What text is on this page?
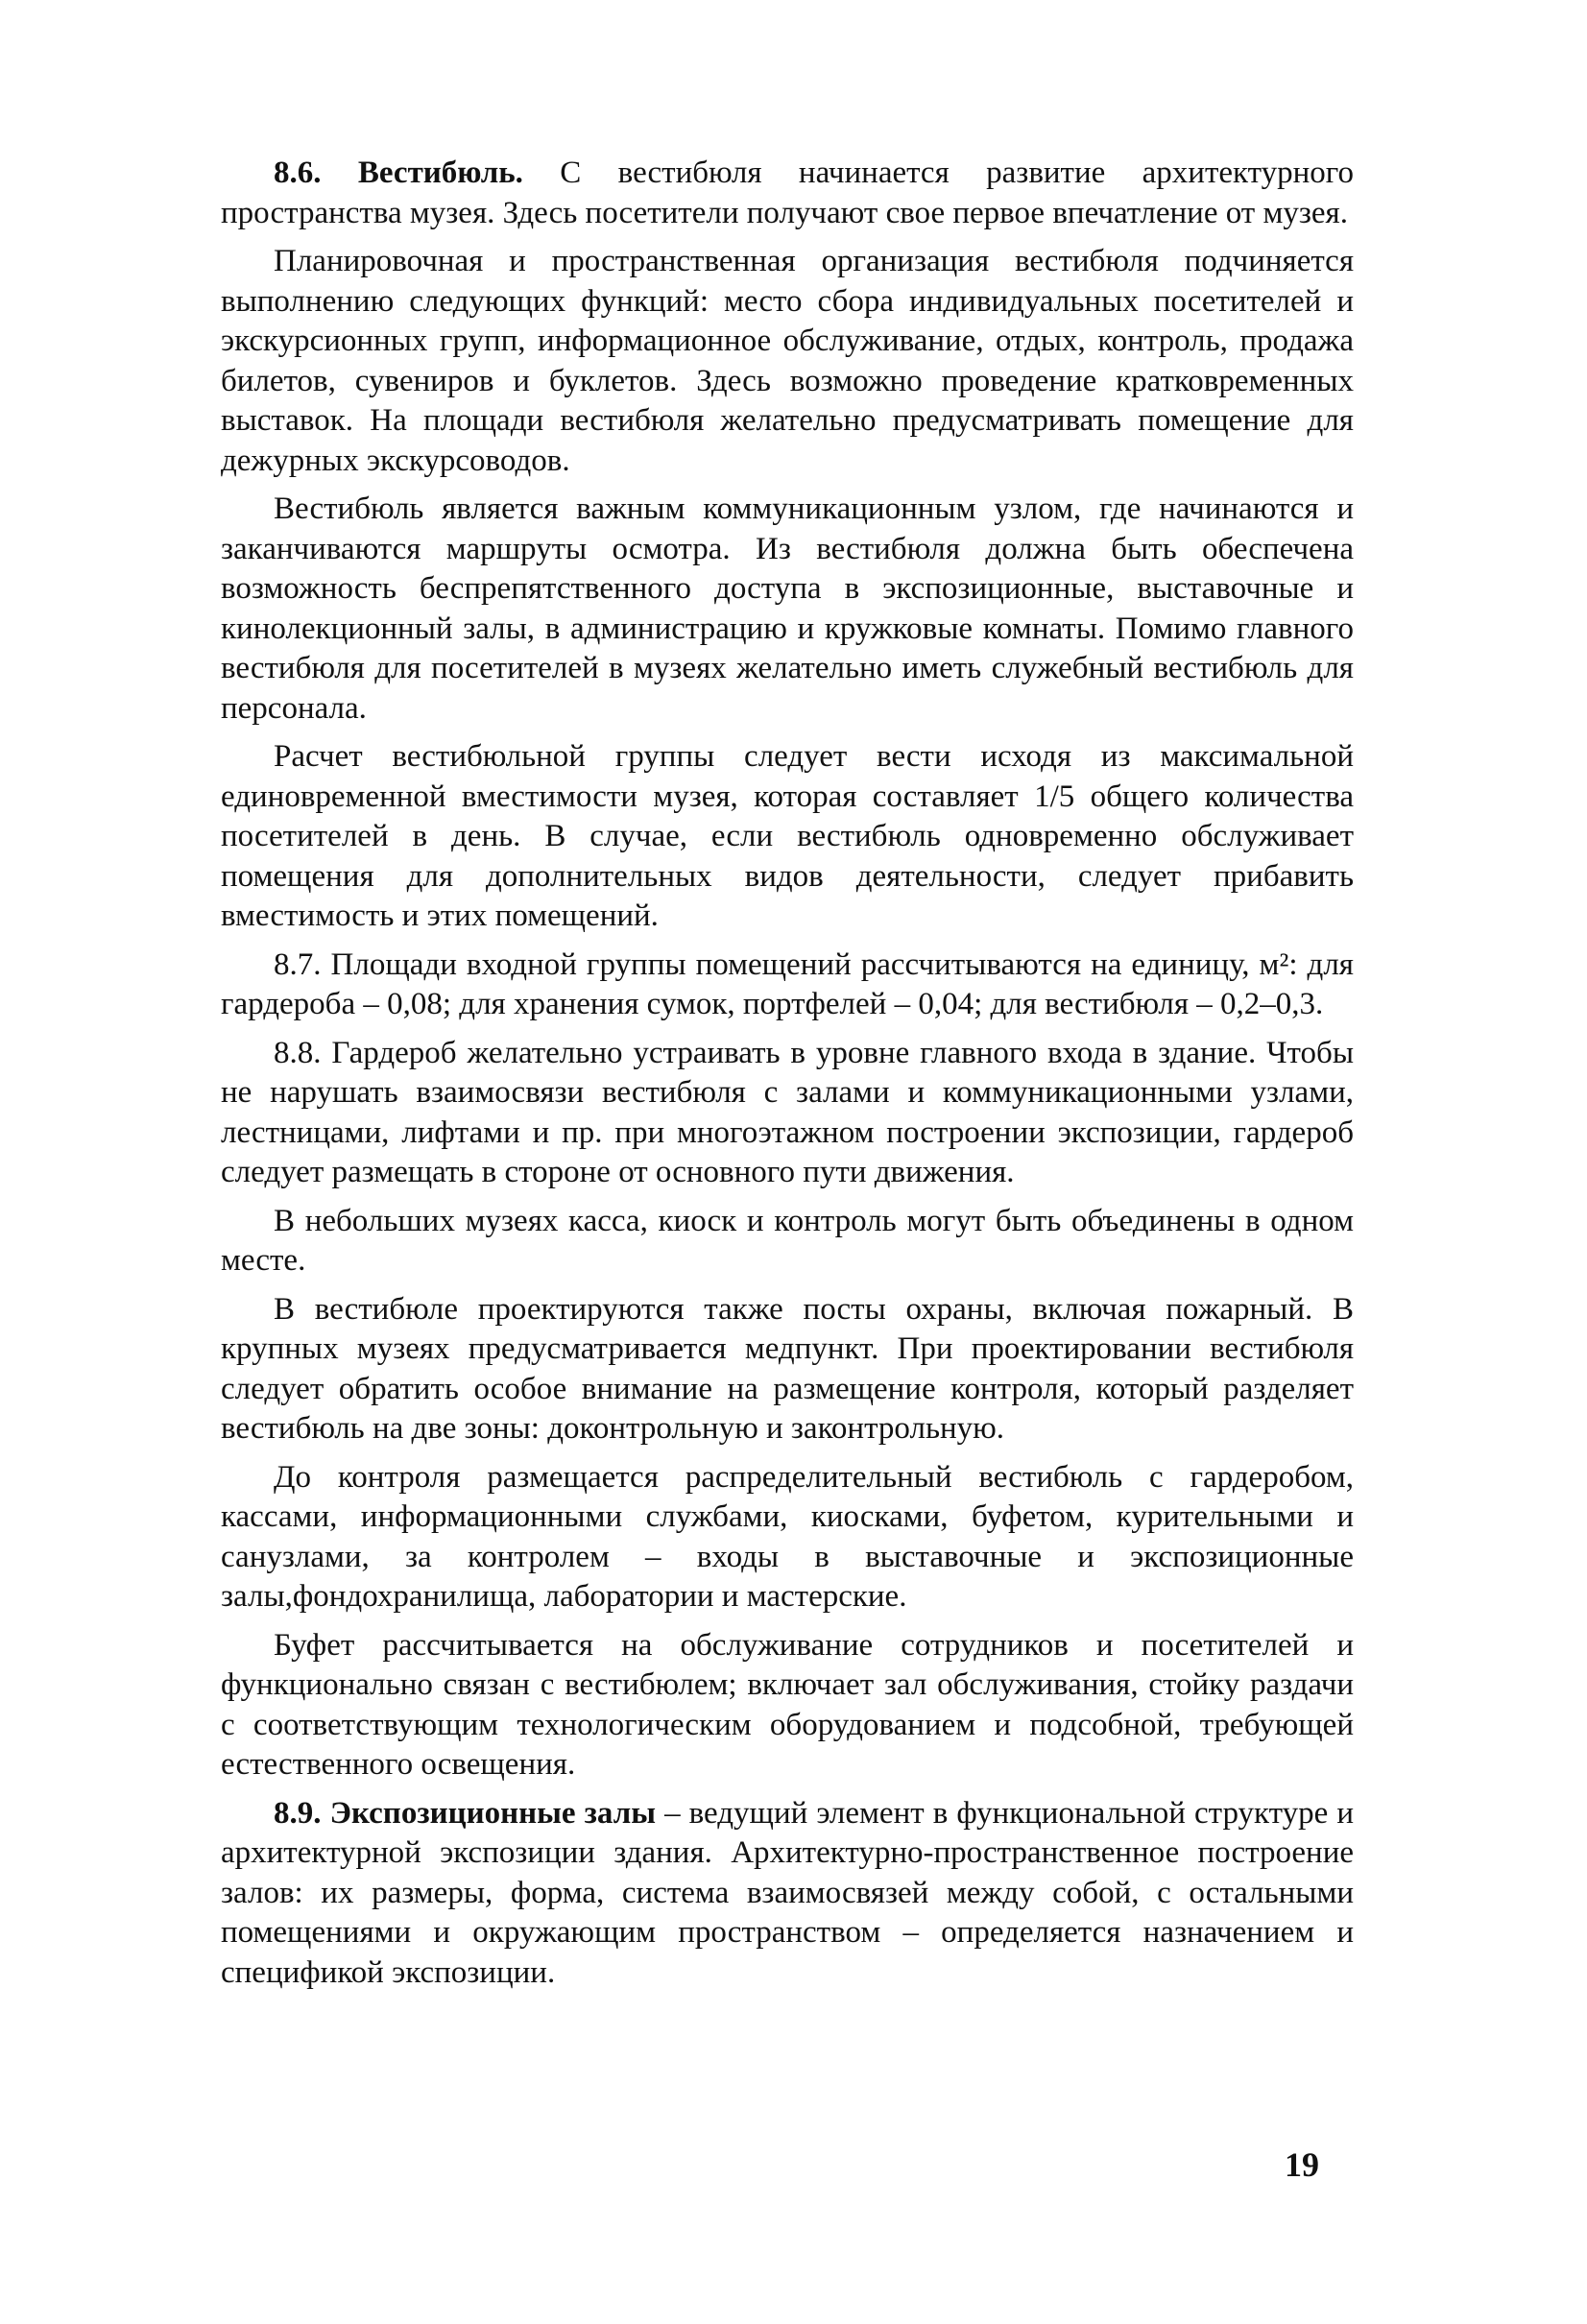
8.6. Вестибюль. С вестибюля начинается развитие архитектурного пространства музея. Здесь посетители получают свое первое впечатление от музея.

Планировочная и пространственная организация вестибюля подчиняется выполнению следующих функций: место сбора индивидуальных посетителей и экскурсионных групп, информационное обслуживание, отдых, контроль, продажа билетов, сувениров и буклетов. Здесь возможно проведение кратковременных выставок. На площади вестибюля желательно предусматривать помещение для дежурных экскурсоводов.

Вестибюль является важным коммуникационным узлом, где начинаются и заканчиваются маршруты осмотра. Из вестибюля должна быть обеспечена возможность беспрепятственного доступа в экспозиционные, выставочные и кинолекционный залы, в администрацию и кружковые комнаты. Помимо главного вестибюля для посетителей в музеях желательно иметь служебный вестибюль для персонала.

Расчет вестибюльной группы следует вести исходя из максимальной единовременной вместимости музея, которая составляет 1/5 общего количества посетителей в день. В случае, если вестибюль одновременно обслуживает помещения для дополнительных видов деятельности, следует прибавить вместимость и этих помещений.

8.7. Площади входной группы помещений рассчитываются на единицу, м²: для гардероба – 0,08; для хранения сумок, портфелей – 0,04; для вестибюля – 0,2–0,3.

8.8. Гардероб желательно устраивать в уровне главного входа в здание. Чтобы не нарушать взаимосвязи вестибюля с залами и коммуникационными узлами, лестницами, лифтами и пр. при многоэтажном построении экспозиции, гардероб следует размещать в стороне от основного пути движения.

В небольших музеях касса, киоск и контроль могут быть объединены в одном месте.

В вестибюле проектируются также посты охраны, включая пожарный. В крупных музеях предусматривается медпункт. При проектировании вестибюля следует обратить особое внимание на размещение контроля, который разделяет вестибюль на две зоны: доконтрольную и законтрольную.

До контроля размещается распределительный вестибюль с гардеробом, кассами, информационными службами, киосками, буфетом, курительными и санузлами, за контролем – входы в выставочные и экспозиционные залы,фондохранилища, лаборатории и мастерские.

Буфет рассчитывается на обслуживание сотрудников и посетителей и функционально связан с вестибюлем; включает зал обслуживания, стойку раздачи с соответствующим технологическим оборудованием и подсобной, требующей естественного освещения.

8.9. Экспозиционные залы – ведущий элемент в функциональной структуре и архитектурной экспозиции здания. Архитектурно-пространственное построение залов: их размеры, форма, система взаимосвязей между собой, с остальными помещениями и окружающим пространством – определяется назначением и спецификой экспозиции.

19
